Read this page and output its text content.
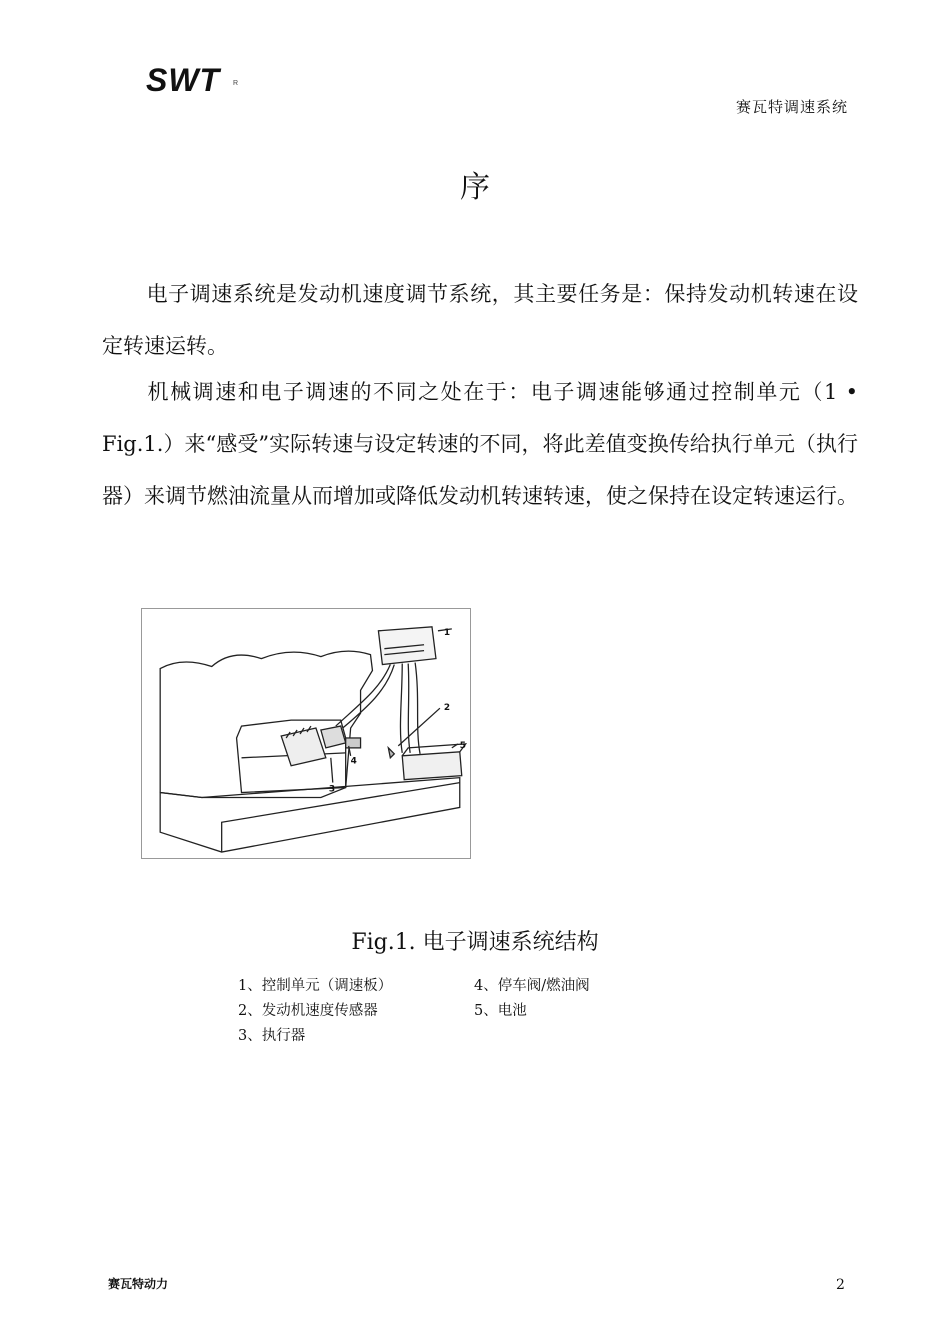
SWT R
赛瓦特调速系统
序
电子调速系统是发动机速度调节系统，其主要任务是：保持发动机转速在设定转速运转。
机械调速和电子调速的不同之处在于：电子调速能够通过控制单元（1 • Fig.1.）来“感受”实际转速与设定转速的不同，将此差值变换传给执行单元（执行器）来调节燃油流量从而增加或降低发动机转速转速，使之保持在设定转速运行。
1
2
3
4
5
Fig.1. 电子调速系统结构
1、控制单元（调速板）	4、停车阀/燃油阀
2、发动机速度传感器	5、电池
3、执行器
赛瓦特动力	2
